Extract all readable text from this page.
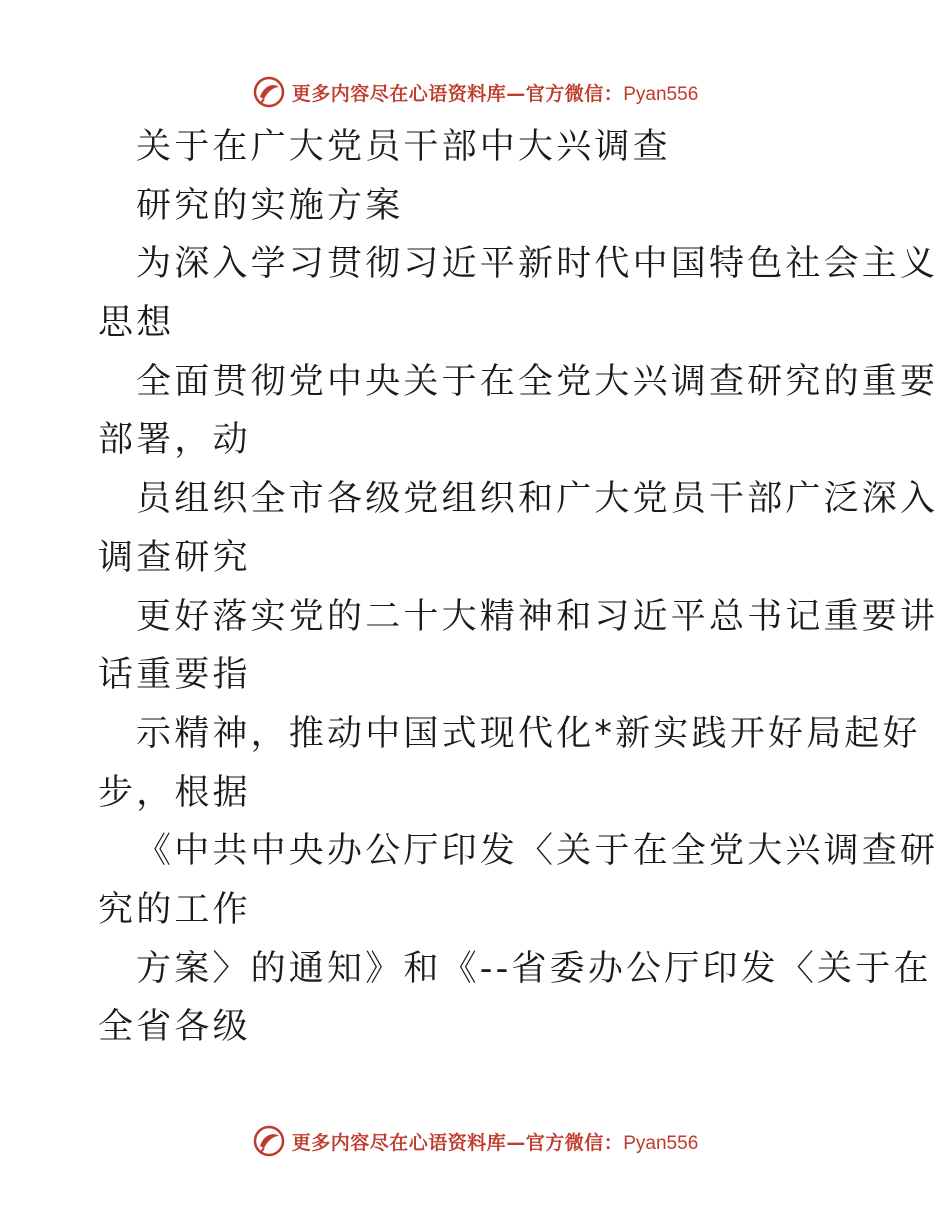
更多内容尽在心语资料库—官方微信：Pyan556
关于在广大党员干部中大兴调查
研究的实施方案
为深入学习贯彻习近平新时代中国特色社会主义
思想
全面贯彻党中央关于在全党大兴调查研究的重要
部署，动
员组织全市各级党组织和广大党员干部广泛深入
调查研究
更好落实党的二十大精神和习近平总书记重要讲
话重要指
示精神，推动中国式现代化*新实践开好局起好
步，根据
《中共中央办公厅印发〈关于在全党大兴调查研
究的工作
方案〉的通知》和《--省委办公厅印发〈关于在
全省各级
更多内容尽在心语资料库—官方微信：Pyan556
